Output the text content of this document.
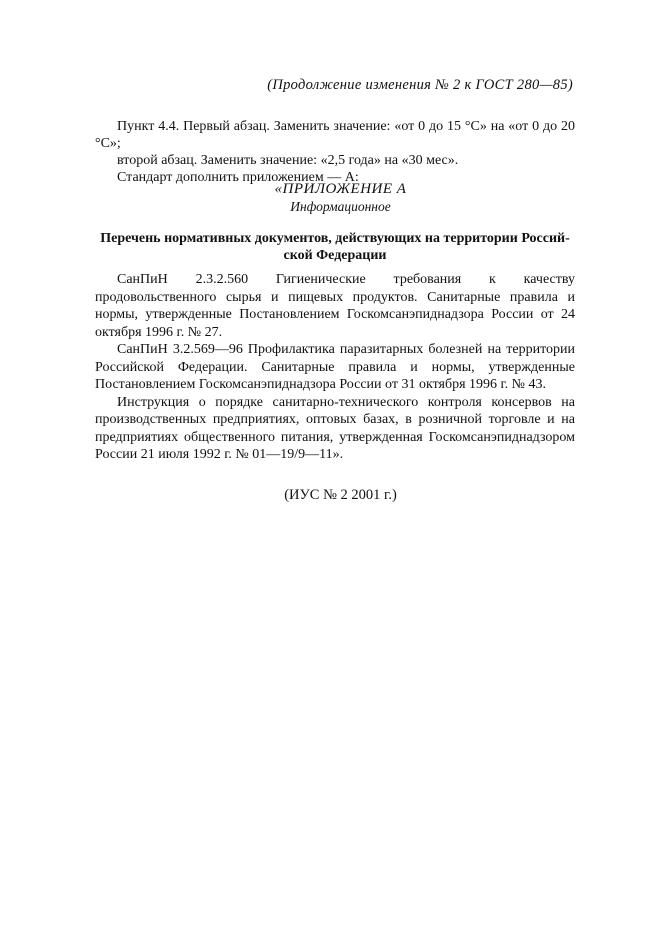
(Продолжение изменения № 2 к ГОСТ 280—85)

Пункт 4.4. Первый абзац. Заменить значение: «от 0 до 15 °С» на «от 0 до 20 °С»;

второй абзац. Заменить значение: «2,5 года» на «30 мес».

Стандарт дополнить приложением — А:

«ПРИЛОЖЕНИЕ А
Информационное
Перечень нормативных документов, действующих на территории Россий-
ской Федерации

СанПиН 2.3.2.560 Гигиенические требования к качеству продовольственного сырья и пищевых продуктов. Санитарные правила и нормы, утвержденные Постановлением Госкомсанэпиднадзора России от 24 октября 1996 г. № 27.

СанПиН 3.2.569—96 Профилактика паразитарных болезней на территории Российской Федерации. Санитарные правила и нормы, утвержденные Постановлением Госкомсанэпиднадзора России от 31 октября 1996 г. № 43.

Инструкция о порядке санитарно-технического контроля консервов на производственных предприятиях, оптовых базах, в розничной торговле и на предприятиях общественного питания, утвержденная Госкомсанэпиднадзором России 21 июля 1992 г. № 01—19/9—11».

(ИУС № 2 2001 г.)
